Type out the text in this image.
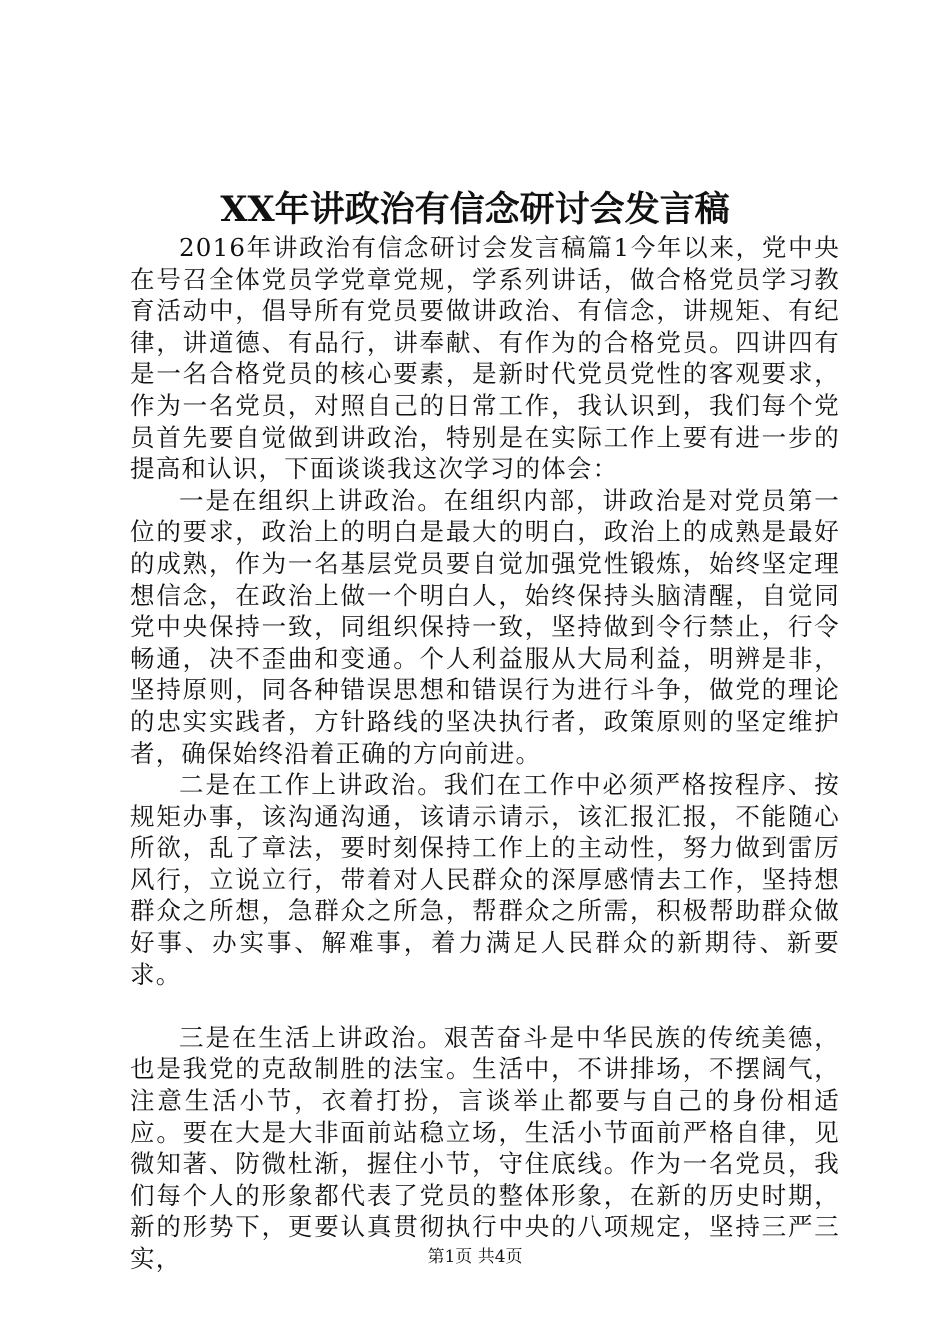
XX年讲政治有信念研讨会发言稿

2016年讲政治有信念研讨会发言稿篇1今年以来，党中央在号召全体党员学党章党规，学系列讲话，做合格党员学习教育活动中，倡导所有党员要做讲政治、有信念，讲规矩、有纪律，讲道德、有品行，讲奉献、有作为的合格党员。四讲四有是一名合格党员的核心要素，是新时代党员党性的客观要求，作为一名党员，对照自己的日常工作，我认识到，我们每个党员首先要自觉做到讲政治，特别是在实际工作上要有进一步的提高和认识，下面谈谈我这次学习的体会：

一是在组织上讲政治。在组织内部，讲政治是对党员第一位的要求，政治上的明白是最大的明白，政治上的成熟是最好的成熟，作为一名基层党员要自觉加强党性锻炼，始终坚定理想信念，在政治上做一个明白人，始终保持头脑清醒，自觉同党中央保持一致，同组织保持一致，坚持做到令行禁止，行令畅通，决不歪曲和变通。个人利益服从大局利益，明辨是非，坚持原则，同各种错误思想和错误行为进行斗争，做党的理论的忠实实践者，方针路线的坚决执行者，政策原则的坚定维护者，确保始终沿着正确的方向前进。

二是在工作上讲政治。我们在工作中必须严格按程序、按规矩办事，该沟通沟通，该请示请示，该汇报汇报，不能随心所欲，乱了章法，要时刻保持工作上的主动性，努力做到雷厉风行，立说立行，带着对人民群众的深厚感情去工作，坚持想群众之所想，急群众之所急，帮群众之所需，积极帮助群众做好事、办实事、解难事，着力满足人民群众的新期待、新要求。

三是在生活上讲政治。艰苦奋斗是中华民族的传统美德，也是我党的克敌制胜的法宝。生活中，不讲排场，不摆阔气，注意生活小节，衣着打扮，言谈举止都要与自己的身份相适应。要在大是大非面前站稳立场，生活小节面前严格自律，见微知著、防微杜渐，握住小节，守住底线。作为一名党员，我们每个人的形象都代表了党员的整体形象，在新的历史时期，新的形势下，更要认真贯彻执行中央的八项规定，坚持三严三实，	第1页 共4页
